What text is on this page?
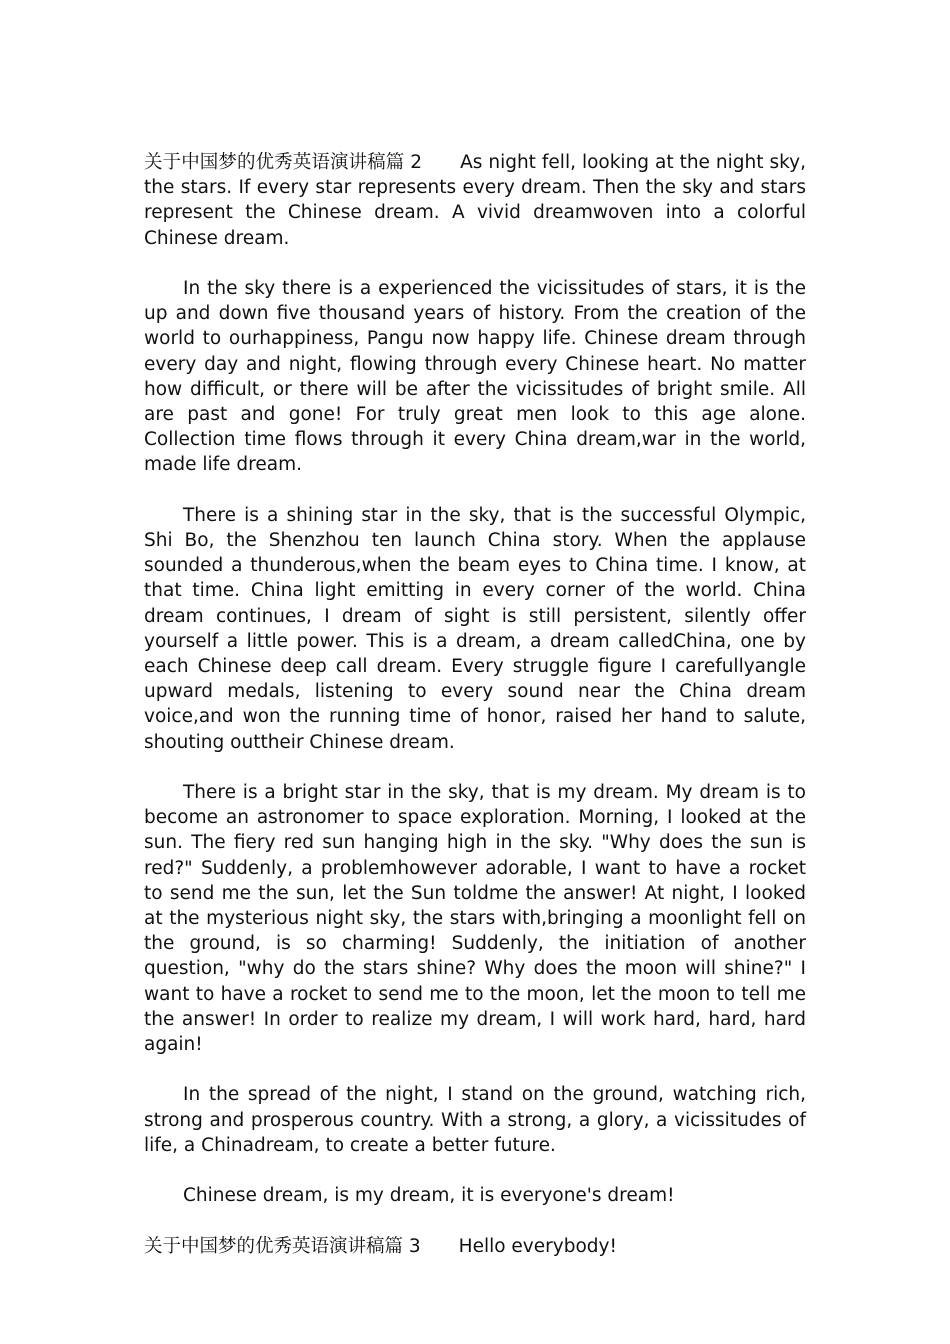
关于中国梦的优秀英语演讲稿篇 2 As night fell, looking at the night sky, the stars. If every star represents every dream. Then the sky and stars represent the Chinese dream. A vivid dreamwoven into a colorful Chinese dream.

In the sky there is a experienced the vicissitudes of stars, it is the up and down five thousand years of history. From the creation of the world to ourhappiness, Pangu now happy life. Chinese dream through every day and night, flowing through every Chinese heart. No matter how difficult, or there will be after the vicissitudes of bright smile. All are past and gone! For truly great men look to this age alone. Collection time flows through it every China dream,war in the world, made life dream.

There is a shining star in the sky, that is the successful Olympic, Shi Bo, the Shenzhou ten launch China story. When the applause sounded a thunderous,when the beam eyes to China time. I know, at that time. China light emitting in every corner of the world. China dream continues, I dream of sight is still persistent, silently offer yourself a little power. This is a dream, a dream calledChina, one by each Chinese deep call dream. Every struggle figure I carefullyangle upward medals, listening to every sound near the China dream voice,and won the running time of honor, raised her hand to salute, shouting outtheir Chinese dream.

There is a bright star in the sky, that is my dream. My dream is to become an astronomer to space exploration. Morning, I looked at the sun. The fiery red sun hanging high in the sky. "Why does the sun is red?" Suddenly, a problemhowever adorable, I want to have a rocket to send me the sun, let the Sun toldme the answer! At night, I looked at the mysterious night sky, the stars with,bringing a moonlight fell on the ground, is so charming! Suddenly, the initiation of another question, "why do the stars shine? Why does the moon will shine?" I want to have a rocket to send me to the moon, let the moon to tell me the answer! In order to realize my dream, I will work hard, hard, hard again!

In the spread of the night, I stand on the ground, watching rich, strong and prosperous country. With a strong, a glory, a vicissitudes of life, a Chinadream, to create a better future.

Chinese dream, is my dream, it is everyone's dream!

关于中国梦的优秀英语演讲稿篇 3 Hello everybody!
